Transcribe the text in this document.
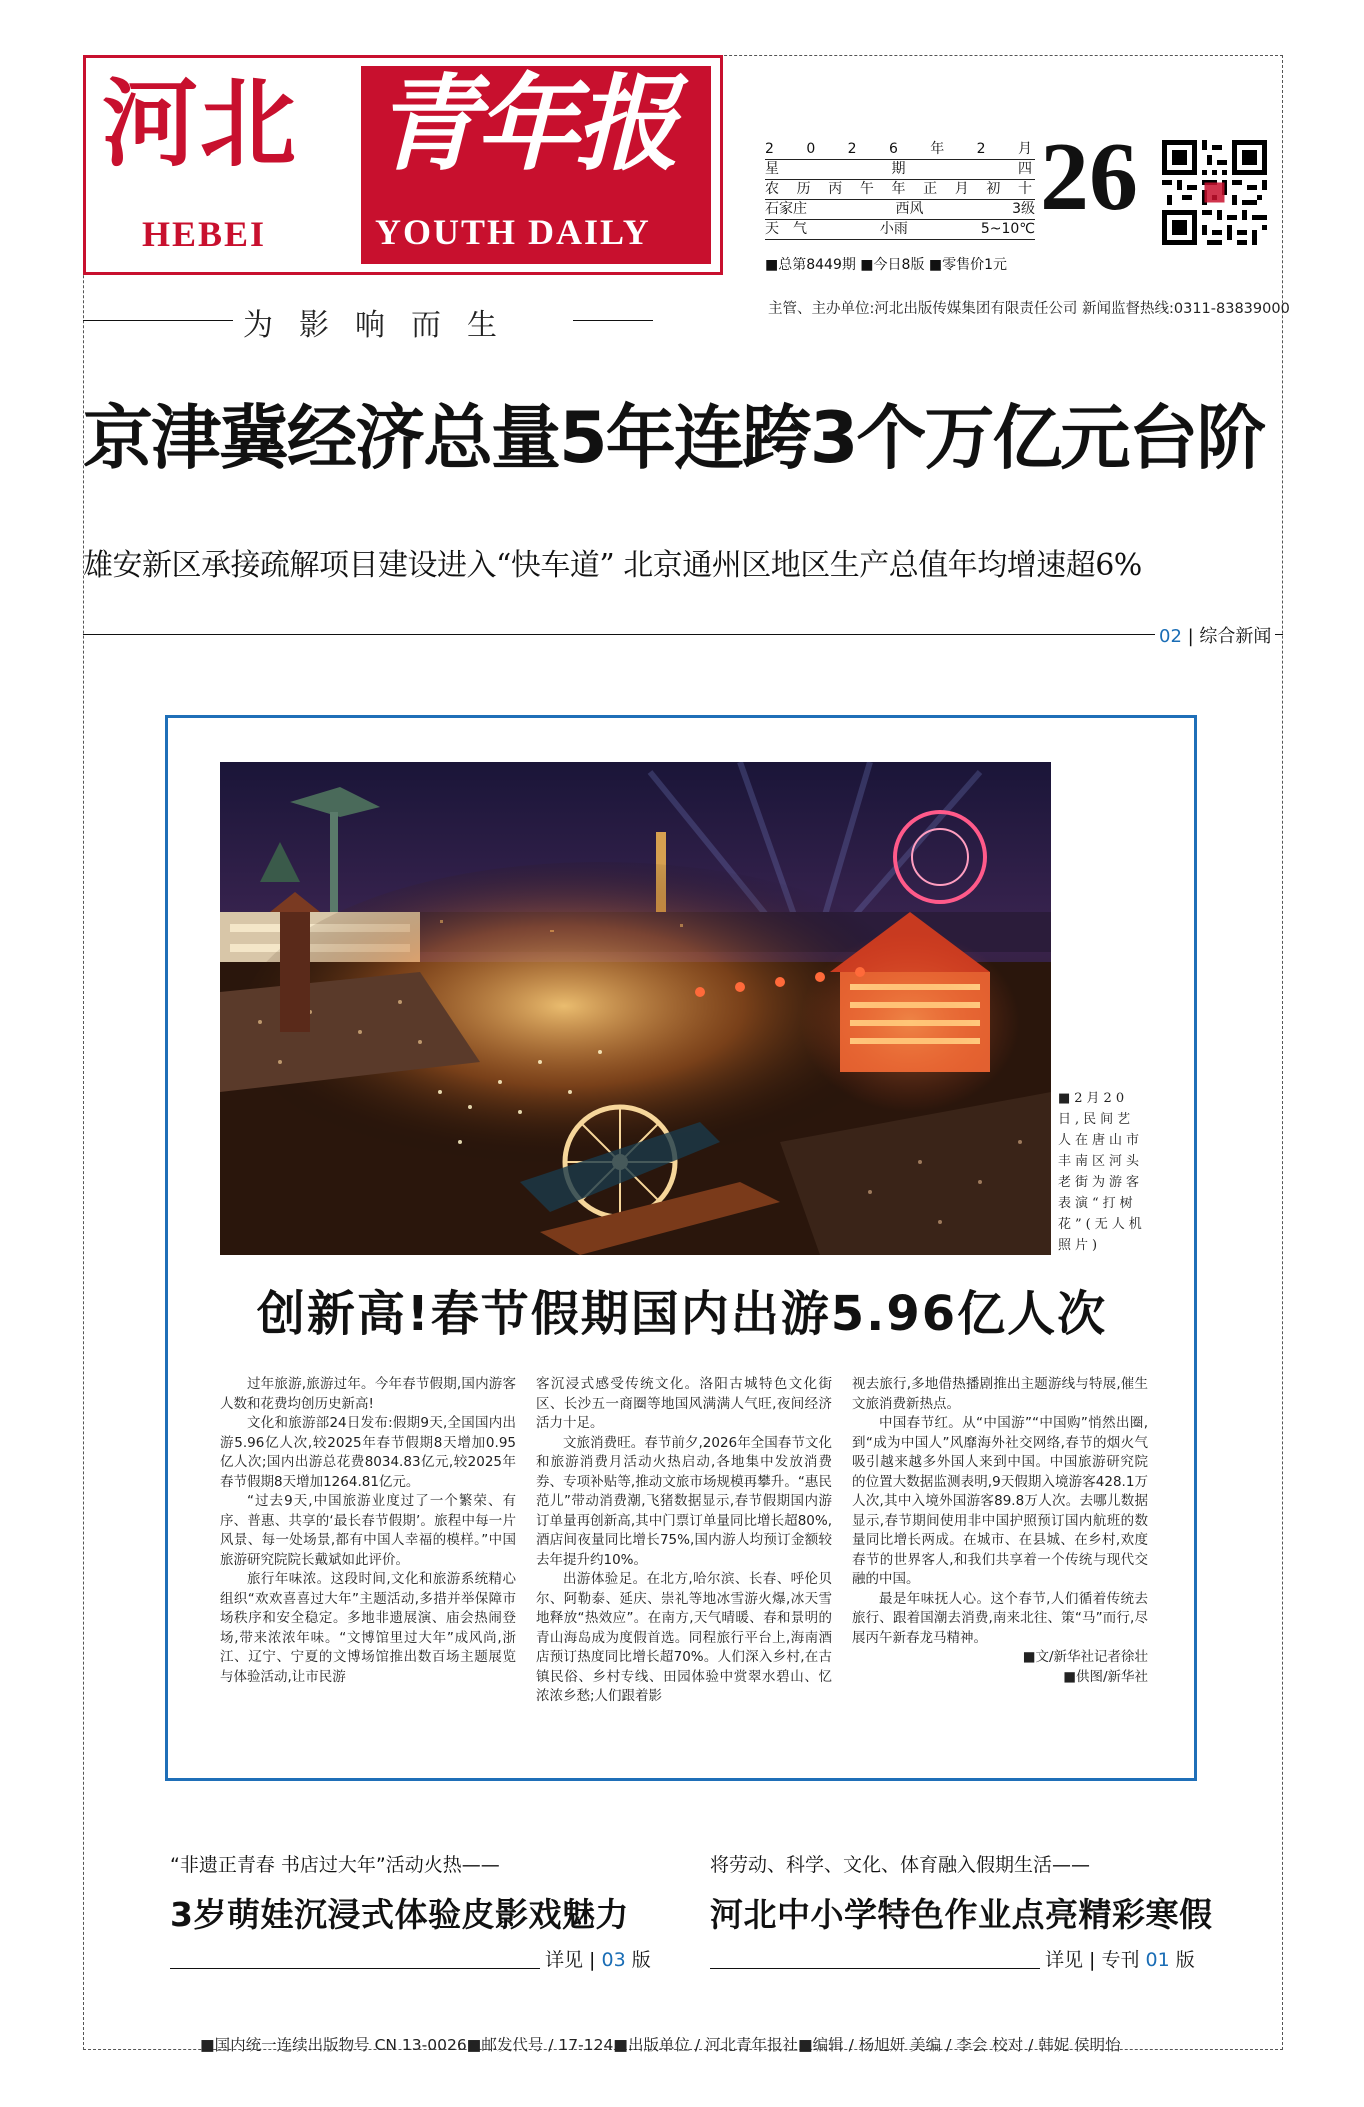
河北
HEBEI
青年报
YOUTH DAILY
2 0 2 6 年 2 月
星	期	四
农 历 丙 午 年 正 月 初 十
石家庄	西风	3级
天　气	小雨	5~10℃
■总第8449期 ■今日8版 ■零售价1元
26
为影响而生	主管、主办单位:河北出版传媒集团有限责任公司 新闻监督热线:0311-83839000
京津冀经济总量5年连跨3个万亿元台阶
雄安新区承接疏解项目建设进入“快车道” 北京通州区地区生产总值年均增速超6%
02 | 综合新闻
■2月20日,民间艺人在唐山市丰南区河头老街为游客表演“打树花”(无人机照片)
创新高!春节假期国内出游5.96亿人次

过年旅游,旅游过年。今年春节假期,国内游客人数和花费均创历史新高!

文化和旅游部24日发布:假期9天,全国国内出游5.96亿人次,较2025年春节假期8天增加0.95亿人次;国内出游总花费8034.83亿元,较2025年春节假期8天增加1264.81亿元。

“过去9天,中国旅游业度过了一个繁荣、有序、普惠、共享的‘最长春节假期’。旅程中每一片风景、每一处场景,都有中国人幸福的模样。”中国旅游研究院院长戴斌如此评价。

旅行年味浓。这段时间,文化和旅游系统精心组织“欢欢喜喜过大年”主题活动,多措并举保障市场秩序和安全稳定。多地非遗展演、庙会热闹登场,带来浓浓年味。“文博馆里过大年”成风尚,浙江、辽宁、宁夏的文博场馆推出数百场主题展览与体验活动,让市民游

客沉浸式感受传统文化。洛阳古城特色文化街区、长沙五一商圈等地国风满满人气旺,夜间经济活力十足。

文旅消费旺。春节前夕,2026年全国春节文化和旅游消费月活动火热启动,各地集中发放消费券、专项补贴等,推动文旅市场规模再攀升。“惠民范儿”带动消费潮,飞猪数据显示,春节假期国内游订单量再创新高,其中门票订单量同比增长超80%,酒店间夜量同比增长75%,国内游人均预订金额较去年提升约10%。

出游体验足。在北方,哈尔滨、长春、呼伦贝尔、阿勒泰、延庆、崇礼等地冰雪游火爆,冰天雪地释放“热效应”。在南方,天气晴暖、春和景明的青山海岛成为度假首选。同程旅行平台上,海南酒店预订热度同比增长超70%。人们深入乡村,在古镇民俗、乡村专线、田园体验中赏翠水碧山、忆浓浓乡愁;人们跟着影

视去旅行,多地借热播剧推出主题游线与特展,催生文旅消费新热点。

中国春节红。从“中国游”“中国购”悄然出圈,到“成为中国人”风靡海外社交网络,春节的烟火气吸引越来越多外国人来到中国。中国旅游研究院的位置大数据监测表明,9天假期入境游客428.1万人次,其中入境外国游客89.8万人次。去哪儿数据显示,春节期间使用非中国护照预订国内航班的数量同比增长两成。在城市、在县城、在乡村,欢度春节的世界客人,和我们共享着一个传统与现代交融的中国。

最是年味抚人心。这个春节,人们循着传统去旅行、跟着国潮去消费,南来北往、策“马”而行,尽展丙午新春龙马精神。

■文/新华社记者徐壮

■供图/新华社

“非遗正青春 书店过大年”活动火热——
3岁萌娃沉浸式体验皮影戏魅力
详见 | 03 版
将劳动、科学、文化、体育融入假期生活——
河北中小学特色作业点亮精彩寒假
详见 | 专刊 01 版
■国内统一连续出版物号 CN 13-0026■邮发代号 / 17-124■出版单位 / 河北青年报社■编辑 / 杨旭妍 美编 / 李会 校对 / 韩妮 侯明怡
